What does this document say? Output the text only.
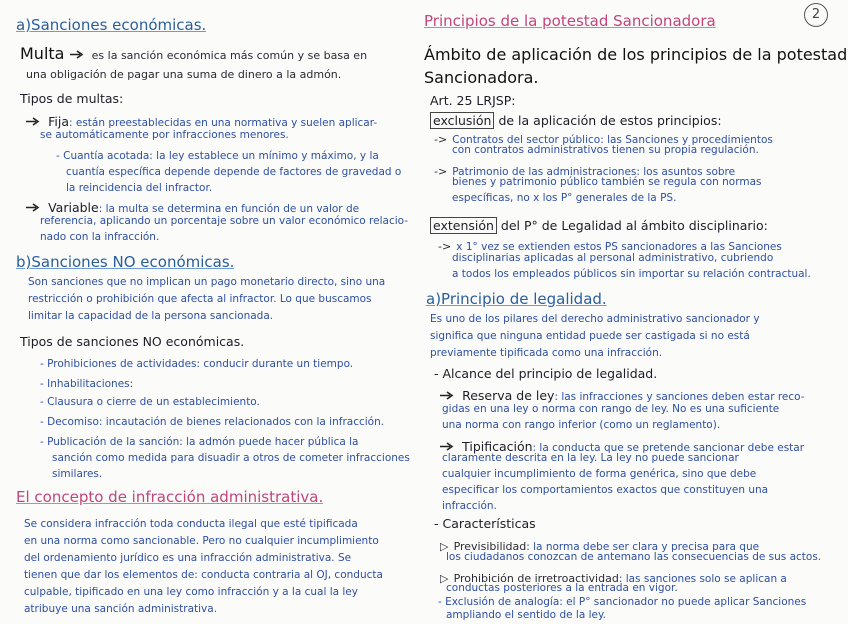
2
a)Sanciones económicas.
Multa es la sanción económica más común y se basa en
una obligación de pagar una suma de dinero a la admón.
Tipos de multas:
Fija: están preestablecidas en una normativa y suelen aplicar-
se automáticamente por infracciones menores.
- Cuantía acotada: la ley establece un mínimo y máximo, y la
cuantía específica depende depende de factores de gravedad o
la reincidencia del infractor.
Variable: la multa se determina en función de un valor de
referencia, aplicando un porcentaje sobre un valor económico relacio-
nado con la infracción.
b)Sanciones NO económicas.
Son sanciones que no implican un pago monetario directo, sino una
restricción o prohibición que afecta al infractor. Lo que buscamos
limitar la capacidad de la persona sancionada.
Tipos de sanciones NO económicas.
- Prohibiciones de actividades: conducir durante un tiempo.
- Inhabilitaciones:
- Clausura o cierre de un establecimiento.
- Decomiso: incautación de bienes relacionados con la infracción.
- Publicación de la sanción: la admón puede hacer pública la
sanción como medida para disuadir a otros de cometer infracciones
similares.
El concepto de infracción administrativa.
Se considera infracción toda conducta ilegal que esté tipificada
en una norma como sancionable. Pero no cualquier incumplimiento
del ordenamiento jurídico es una infracción administrativa. Se
tienen que dar los elementos de: conducta contraria al OJ, conducta
culpable, tipificado en una ley como infracción y a la cual la ley
atribuye una sanción administrativa.
Principios de la potestad Sancionadora
Ámbito de aplicación de los principios de la potestad
Sancionadora.
Art. 25 LRJSP:
exclusión de la aplicación de estos principios:
-> Contratos del sector público: las Sanciones y procedimientos
con contratos administrativos tienen su propia regulación.
-> Patrimonio de las administraciones: los asuntos sobre
bienes y patrimonio público también se regula con normas
específicas, no x los P° generales de la PS.
extensión del P° de Legalidad al ámbito disciplinario:
-> x 1° vez se extienden estos PS sancionadores a las Sanciones
disciplinarias aplicadas al personal administrativo, cubriendo
a todos los empleados públicos sin importar su relación contractual.
a)Principio de legalidad.
Es uno de los pilares del derecho administrativo sancionador y
significa que ninguna entidad puede ser castigada si no está
previamente tipificada como una infracción.
- Alcance del principio de legalidad.
Reserva de ley: las infracciones y sanciones deben estar reco-
gidas en una ley o norma con rango de ley. No es una suficiente
una norma con rango inferior (como un reglamento).
Tipificación: la conducta que se pretende sancionar debe estar
claramente descrita en la ley. La ley no puede sancionar
cualquier incumplimiento de forma genérica, sino que debe
especificar los comportamientos exactos que constituyen una
infracción.
- Características
▷ Previsibilidad: la norma debe ser clara y precisa para que
los ciudadanos conozcan de antemano las consecuencias de sus actos.
▷ Prohibición de irretroactividad: las sanciones solo se aplican a
conductas posteriores a la entrada en vigor.
- Exclusión de analogía: el P° sancionador no puede aplicar Sanciones
ampliando el sentido de la ley.
